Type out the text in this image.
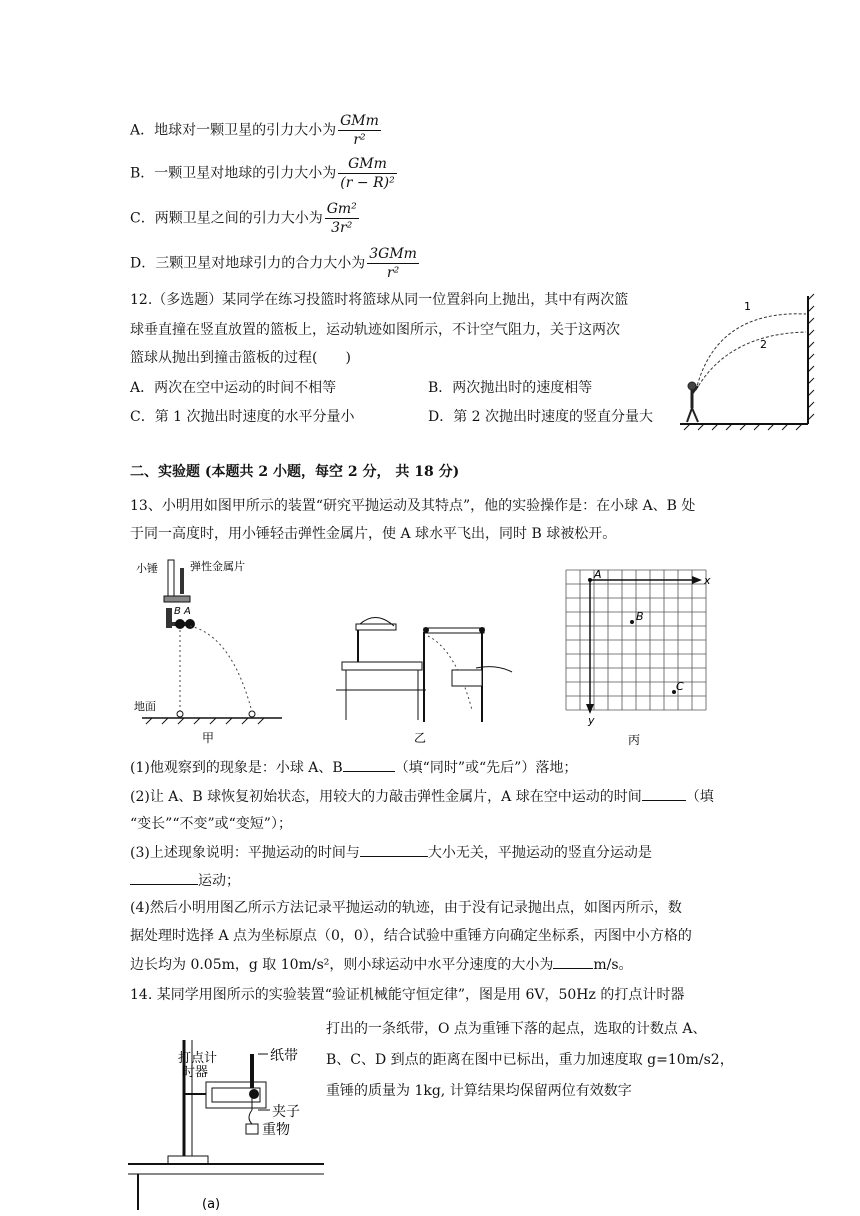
A．地球对一颗卫星的引力大小为 $\frac{\text{GMm}}{\text{r²}}$
B．一颗卫星对地球的引力大小为 $\frac{\text{GMm}}{\text{(r − R)²}}$
C．两颗卫星之间的引力大小为 $\frac{\text{Gm²}}{\text{3r²}}$
D．三颗卫星对地球引力的合力大小为 $\frac{\text{3GMm}}{\text{r²}}$
12.（多选题）某同学在练习投篮时将篮球从同一位置斜向上抛出，其中有两次篮
球垂直撞在竖直放置的篮板上，运动轨迹如图所示，不计空气阻力，关于这两次
篮球从抛出到撞击篮板的过程(　　)
A．两次在空中运动的时间不相等	B．两次抛出时的速度相等
C．第 1 次抛出时速度的水平分量小	D．第 2 次抛出时速度的竖直分量大
1
2
二、实验题 (本题共 2 小题，每空 2 分， 共 18 分)
13、小明用如图甲所示的装置“研究平抛运动及其特点”，他的实验操作是：在小球 A、B 处
于同一高度时，用小锤轻击弹性金属片，使 A 球水平飞出，同时 B 球被松开。
小锤	弹性金属片
B A
地面
甲	乙
A
B
C
x
y
丙
(1)他观察到的现象是：小球 A、B	（填“同时”或“先后”）落地；
(2)让 A、B 球恢复初始状态，用较大的力敲击弹性金属片，A 球在空中运动的时间	（填
“变长”“不变”或“变短”）；
(3)上述现象说明：平抛运动的时间与	大小无关，平抛运动的竖直分运动是
运动；
(4)然后小明用图乙所示方法记录平抛运动的轨迹，由于没有记录抛出点，如图丙所示，数
据处理时选择 A 点为坐标原点（0，0），结合试验中重锤方向确定坐标系，丙图中小方格的
边长均为 0.05m，g 取 10m/s²，则小球运动中水平分速度的大小为	m/s。
14. 某同学用图所示的实验装置“验证机械能守恒定律”，图是用 6V，50Hz 的打点计时器
打出的一条纸带，O 点为重锤下落的起点，选取的计数点 A、
B、C、D 到点的距离在图中已标出，重力加速度取 g=10m/s2，
重锤的质量为 1kg, 计算结果均保留两位有效数字
打点计
时器
纸带
夹子
重物
(a)
